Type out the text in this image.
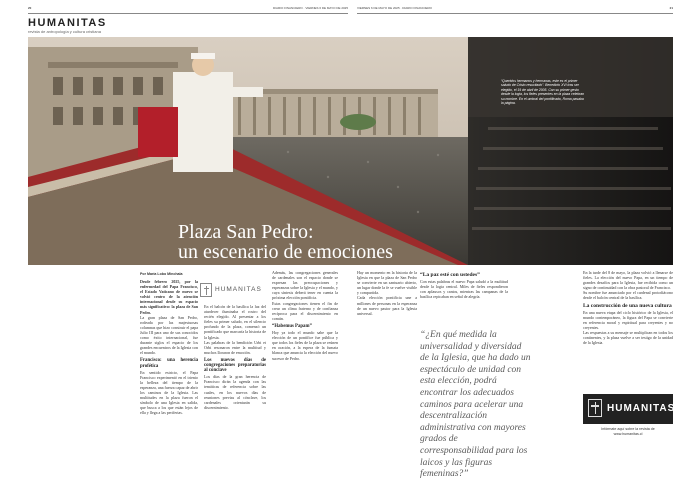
20	DIARIO FINANCIERO · VIERNES 6 DE MAYO DE 2025	VIERNES 6 DE MAYO DE 2025 · DIARIO FINANCIERO	21
HUMANITAS
revista de antropología y cultura cristiana
“Queridos hermanos y hermanas, este es el primer saludo de Cristo resucitado”. Benedicto XVI tras ser elegido, el 19 de abril de 2005. Con su primer gesto desde la logia, los fieles presentes en la plaza celebran su nombre. En el umbral del pontificado, Roma pasaba la página.
Plaza San Pedro:
un escenario de emociones
Por María Lobo Minchala
HUMANITAS

Desde febrero 2025, por la enfermedad del Papa Francisco, el Estado Vaticano de nuevo se volvió centro de la atención internacional desde su espacio más significativo: la plaza de San Pedro.

La gran plaza de San Pedro, rodeada por las majestuosas columnas que hizo construir el papa Julio III para uno de sus conocidos como éxito internacional, fue durante siglos el espacio de los grandes encuentros de la Iglesia con el mundo.

Francisco: una herencia profética

En sentido estricto, el Papa Francisco experimentó en el trienio la belleza del tiempo de la esperanza, una fuerza capaz de abrir los caminos de la Iglesia. Las multitudes en la plaza fueron el símbolo de una Iglesia en salida, que busca a los que están lejos de ella y llega a las periferias.

En el balcón de la basílica la luz del atardecer iluminaba el rostro del recién elegido. Al presentar a los fieles su primer saludo, en el silencio profundo de la plaza, comenzó un pontificado que marcaría la historia de la Iglesia.

Las palabras de la bendición Urbi et Orbi resonaron entre la multitud y muchos lloraron de emoción.

Los nuevos días de congregaciones preparatorias al cónclave

Los días de la gran herencia de Francisco dirán la agenda con las temáticas de referencia sobre las cuales, en los nuevos días de reuniones previas al cónclave, los cardenales orientarán su discernimiento.

Además, las congregaciones generales de cardenales son el espacio donde se expresan las preocupaciones y esperanzas sobre la Iglesia y el mundo, y cuya síntesis deberá tener en cuenta la próxima elección pontificia.

Estas congregaciones tienen el fin de crear un clima fraterno y de confianza recíproca para el discernimiento en común.

“Habemus Papam”

Hoy ya todo el mundo sabe que la elección de un pontífice fue pública y que todos los fieles de la plaza se reúnen en oración, a la espera de la fumata blanca que anuncia la elección del nuevo sucesor de Pedro.

Hay un momento en la historia de la Iglesia en que la plaza de San Pedro se convierte en un santuario abierto, un lugar donde la fe se vuelve visible y compartida.

Cada elección pontificia une a millones de personas en la esperanza de un nuevo pastor para la Iglesia universal.

“La paz esté con ustedes”

Con estas palabras el nuevo Papa saludó a la multitud desde la logia central. Miles de fieles respondieron con aplausos y cantos, mientras las campanas de la basílica repicaban en señal de alegría.

“¿En qué medida la universalidad y diversidad de la Iglesia, que ha dado un espectáculo de unidad con esta elección, podrá encontrar los adecuados caminos para acelerar una descentralización administrativa con mayores grados de corresponsabilidad para los laicos y las figuras femeninas?”

En la tarde del 8 de mayo, la plaza volvió a llenarse de fieles. La elección del nuevo Papa, en un tiempo de grandes desafíos para la Iglesia, fue recibida como un signo de continuidad con la obra pastoral de Francisco.

Su nombre fue anunciado por el cardenal protodiácono desde el balcón central de la basílica.

La construcción de una nueva cultura

En una nueva etapa del ciclo histórico de la Iglesia, el mundo contemporáneo, la figura del Papa se convierte en referencia moral y espiritual para creyentes y no creyentes.

Las respuestas a su mensaje se multiplican en todos los continentes, y la plaza vuelve a ser testigo de la unidad de la Iglesia.

HUMANITAS
Infórmate aquí sobre la revista de
www.humanitas.cl
